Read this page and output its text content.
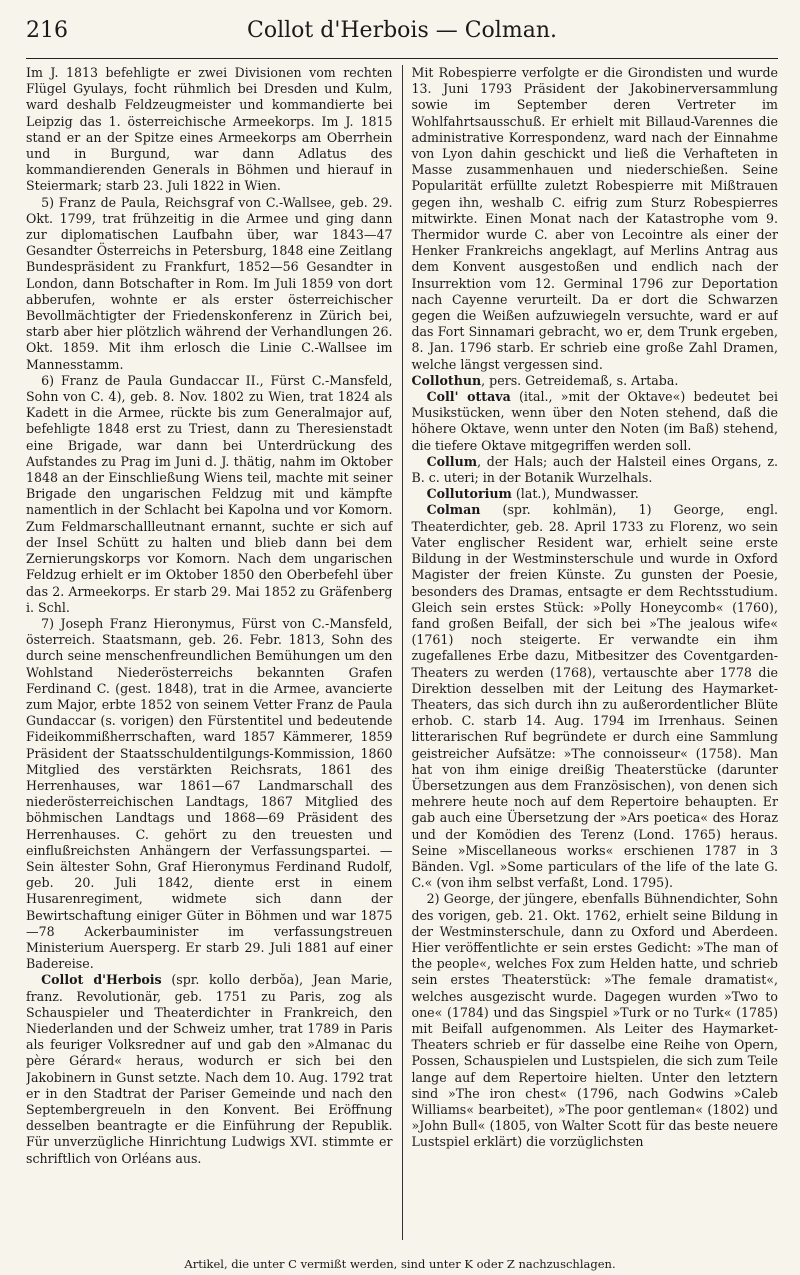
216	Collot d'Herbois — Colman.

Im J. 1813 befehligte er zwei Divisionen vom rechten Flügel Gyulays, focht rühmlich bei Dresden und Kulm, ward deshalb Feldzeugmeister und kommandierte bei Leipzig das 1. österreichische Armeekorps. Im J. 1815 stand er an der Spitze eines Armeekorps am Oberrhein und in Burgund, war dann Adlatus des kommandierenden Generals in Böhmen und hierauf in Steiermark; starb 23. Juli 1822 in Wien.

5) Franz de Paula, Reichsgraf von C.-Wallsee, geb. 29. Okt. 1799, trat frühzeitig in die Armee und ging dann zur diplomatischen Laufbahn über, war 1843—47 Gesandter Österreichs in Petersburg, 1848 eine Zeitlang Bundespräsident zu Frankfurt, 1852—56 Gesandter in London, dann Botschafter in Rom. Im Juli 1859 von dort abberufen, wohnte er als erster österreichischer Bevollmächtigter der Friedenskonferenz in Zürich bei, starb aber hier plötzlich während der Verhandlungen 26. Okt. 1859. Mit ihm erlosch die Linie C.-Wallsee im Mannesstamm.

6) Franz de Paula Gundaccar II., Fürst C.-Mansfeld, Sohn von C. 4), geb. 8. Nov. 1802 zu Wien, trat 1824 als Kadett in die Armee, rückte bis zum Generalmajor auf, befehligte 1848 erst zu Triest, dann zu Theresienstadt eine Brigade, war dann bei Unterdrückung des Aufstandes zu Prag im Juni d. J. thätig, nahm im Oktober 1848 an der Einschließung Wiens teil, machte mit seiner Brigade den ungarischen Feldzug mit und kämpfte namentlich in der Schlacht bei Kapolna und vor Komorn. Zum Feldmarschallleutnant ernannt, suchte er sich auf der Insel Schütt zu halten und blieb dann bei dem Zernierungskorps vor Komorn. Nach dem ungarischen Feldzug erhielt er im Oktober 1850 den Oberbefehl über das 2. Armeekorps. Er starb 29. Mai 1852 zu Gräfenberg i. Schl.

7) Joseph Franz Hieronymus, Fürst von C.-Mansfeld, österreich. Staatsmann, geb. 26. Febr. 1813, Sohn des durch seine menschenfreundlichen Bemühungen um den Wohlstand Niederösterreichs bekannten Grafen Ferdinand C. (gest. 1848), trat in die Armee, avancierte zum Major, erbte 1852 von seinem Vetter Franz de Paula Gundaccar (s. vorigen) den Fürstentitel und bedeutende Fideikommißherrschaften, ward 1857 Kämmerer, 1859 Präsident der Staatsschuldentilgungs-Kommission, 1860 Mitglied des verstärkten Reichsrats, 1861 des Herrenhauses, war 1861—67 Landmarschall des niederösterreichischen Landtags, 1867 Mitglied des böhmischen Landtags und 1868—69 Präsident des Herrenhauses. C. gehört zu den treuesten und einflußreichsten Anhängern der Verfassungspartei. — Sein ältester Sohn, Graf Hieronymus Ferdinand Rudolf, geb. 20. Juli 1842, diente erst in einem Husarenregiment, widmete sich dann der Bewirtschaftung einiger Güter in Böhmen und war 1875—78 Ackerbauminister im verfassungstreuen Ministerium Auersperg. Er starb 29. Juli 1881 auf einer Badereise.

Collot d'Herbois (spr. kollo derbŏa), Jean Marie, franz. Revolutionär, geb. 1751 zu Paris, zog als Schauspieler und Theaterdichter in Frankreich, den Niederlanden und der Schweiz umher, trat 1789 in Paris als feuriger Volksredner auf und gab den »Almanac du père Gérard« heraus, wodurch er sich bei den Jakobinern in Gunst setzte. Nach dem 10. Aug. 1792 trat er in den Stadtrat der Pariser Gemeinde und nach den Septembergreueln in den Konvent. Bei Eröffnung desselben beantragte er die Einführung der Republik. Für unverzügliche Hinrichtung Ludwigs XVI. stimmte er schriftlich von Orléans aus.

Mit Robespierre verfolgte er die Girondisten und wurde 13. Juni 1793 Präsident der Jakobinerversammlung sowie im September deren Vertreter im Wohlfahrtsausschuß. Er erhielt mit Billaud-Varennes die administrative Korrespondenz, ward nach der Einnahme von Lyon dahin geschickt und ließ die Verhafteten in Masse zusammenhauen und niederschießen. Seine Popularität erfüllte zuletzt Robespierre mit Mißtrauen gegen ihn, weshalb C. eifrig zum Sturz Robespierres mitwirkte. Einen Monat nach der Katastrophe vom 9. Thermidor wurde C. aber von Lecointre als einer der Henker Frankreichs angeklagt, auf Merlins Antrag aus dem Konvent ausgestoßen und endlich nach der Insurrektion vom 12. Germinal 1796 zur Deportation nach Cayenne verurteilt. Da er dort die Schwarzen gegen die Weißen aufzuwiegeln versuchte, ward er auf das Fort Sinnamari gebracht, wo er, dem Trunk ergeben, 8. Jan. 1796 starb. Er schrieb eine große Zahl Dramen, welche längst vergessen sind.

Collothun, pers. Getreidemaß, s. Artaba.

Coll' ottava (ital., »mit der Oktave«) bedeutet bei Musikstücken, wenn über den Noten stehend, daß die höhere Oktave, wenn unter den Noten (im Baß) stehend, die tiefere Oktave mitgegriffen werden soll.

Collum, der Hals; auch der Halsteil eines Organs, z. B. c. uteri; in der Botanik Wurzelhals.

Collutorium (lat.), Mundwasser.

Colman (spr. kohlmän), 1) George, engl. Theaterdichter, geb. 28. April 1733 zu Florenz, wo sein Vater englischer Resident war, erhielt seine erste Bildung in der Westminsterschule und wurde in Oxford Magister der freien Künste. Zu gunsten der Poesie, besonders des Dramas, entsagte er dem Rechtsstudium. Gleich sein erstes Stück: »Polly Honeycomb« (1760), fand großen Beifall, der sich bei »The jealous wife« (1761) noch steigerte. Er verwandte ein ihm zugefallenes Erbe dazu, Mitbesitzer des Coventgarden-Theaters zu werden (1768), vertauschte aber 1778 die Direktion desselben mit der Leitung des Haymarket-Theaters, das sich durch ihn zu außerordentlicher Blüte erhob. C. starb 14. Aug. 1794 im Irrenhaus. Seinen litterarischen Ruf begründete er durch eine Sammlung geistreicher Aufsätze: »The connoisseur« (1758). Man hat von ihm einige dreißig Theaterstücke (darunter Übersetzungen aus dem Französischen), von denen sich mehrere heute noch auf dem Repertoire behaupten. Er gab auch eine Übersetzung der »Ars poetica« des Horaz und der Komödien des Terenz (Lond. 1765) heraus. Seine »Miscellaneous works« erschienen 1787 in 3 Bänden. Vgl. »Some particulars of the life of the late G. C.« (von ihm selbst verfaßt, Lond. 1795).

2) George, der jüngere, ebenfalls Bühnendichter, Sohn des vorigen, geb. 21. Okt. 1762, erhielt seine Bildung in der Westminsterschule, dann zu Oxford und Aberdeen. Hier veröffentlichte er sein erstes Gedicht: »The man of the people«, welches Fox zum Helden hatte, und schrieb sein erstes Theaterstück: »The female dramatist«, welches ausgezischt wurde. Dagegen wurden »Two to one« (1784) und das Singspiel »Turk or no Turk« (1785) mit Beifall aufgenommen. Als Leiter des Haymarket-Theaters schrieb er für dasselbe eine Reihe von Opern, Possen, Schauspielen und Lustspielen, die sich zum Teile lange auf dem Repertoire hielten. Unter den letztern sind »The iron chest« (1796, nach Godwins »Caleb Williams« bearbeitet), »The poor gentleman« (1802) und »John Bull« (1805, von Walter Scott für das beste neuere Lustspiel erklärt) die vorzüglichsten

Artikel, die unter C vermißt werden, sind unter K oder Z nachzuschlagen.
